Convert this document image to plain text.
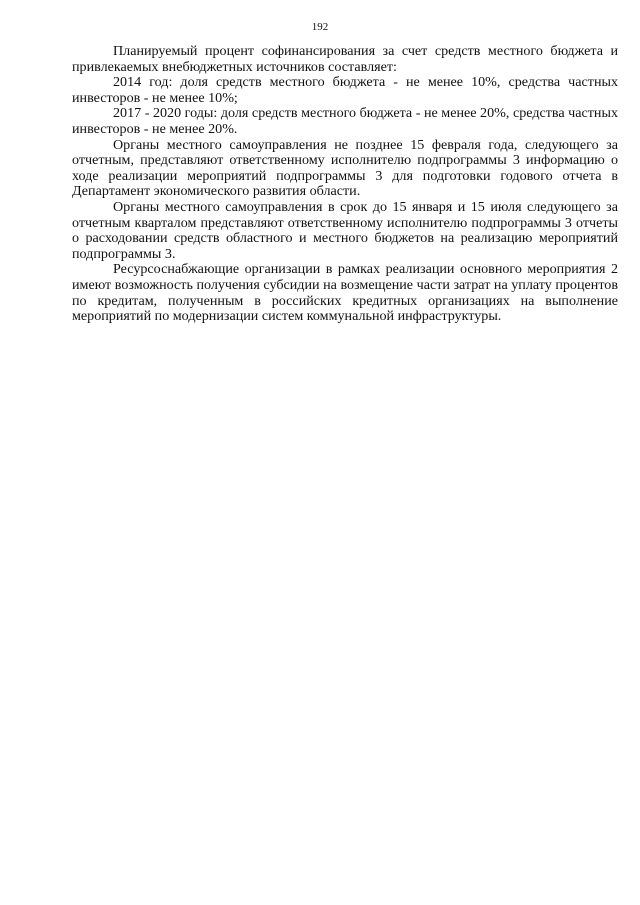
192

Планируемый процент софинансирования за счет средств местного бюджета и привлекаемых внебюджетных источников составляет:

2014 год: доля средств местного бюджета - не менее 10%, средства частных инвесторов - не менее 10%;

2017 - 2020 годы: доля средств местного бюджета - не менее 20%, средства частных инвесторов - не менее 20%.

Органы местного самоуправления не позднее 15 февраля года, следующего за отчетным, представляют ответственному исполнителю подпрограммы 3 информацию о ходе реализации мероприятий подпрограммы 3 для подготовки годового отчета в Департамент экономического развития области.

Органы местного самоуправления в срок до 15 января и 15 июля следующего за отчетным кварталом представляют ответственному исполнителю подпрограммы 3 отчеты о расходовании средств областного и местного бюджетов на реализацию мероприятий подпрограммы 3.

Ресурсоснабжающие организации в рамках реализации основного мероприятия 2 имеют возможность получения субсидии на возмещение части затрат на уплату процентов по кредитам, полученным в российских кредитных организациях на выполнение мероприятий по модернизации систем коммунальной инфраструктуры.
